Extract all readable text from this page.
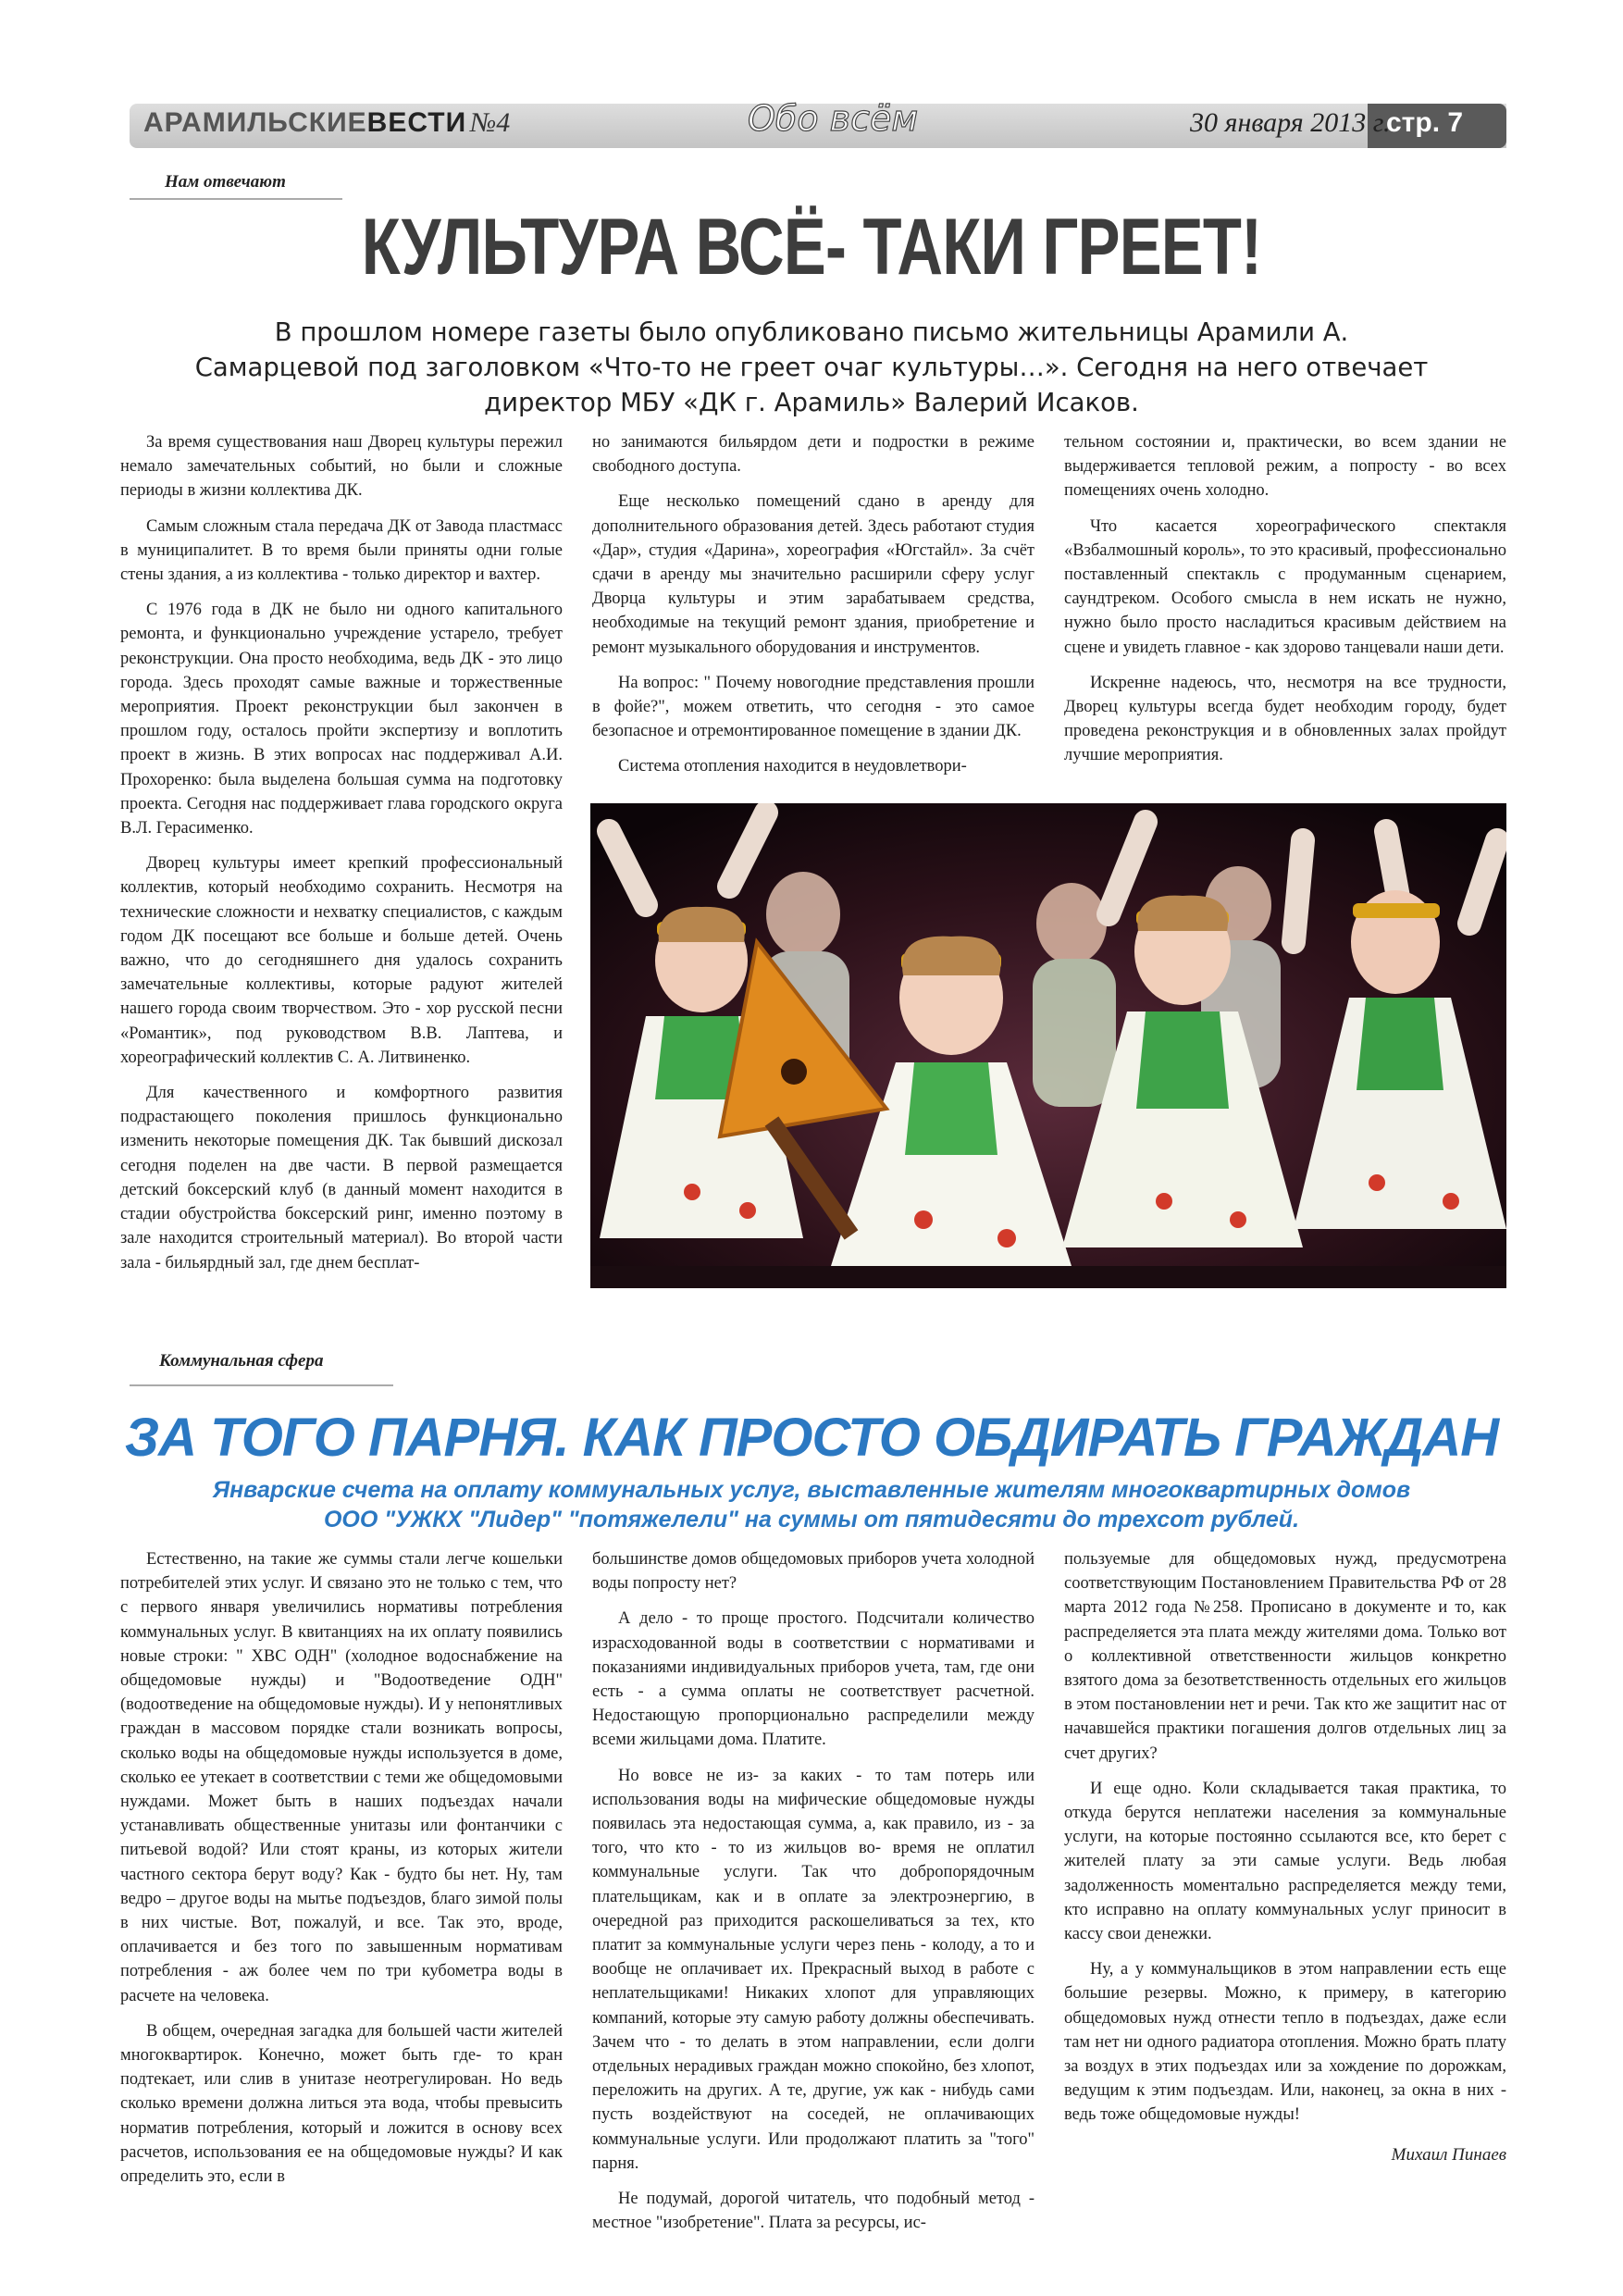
АРАМИЛЬСКИЕВЕСТИ №4	Обо всём	30 января 2013 г.
стр. 7
Нам отвечают
КУЛЬТУРА ВСЁ- ТАКИ ГРЕЕТ!
В прошлом номере газеты было опубликовано письмо жительницы Арамили А. Самарцевой под заголовком «Что-то не греет очаг культуры…». Сегодня на него отвечает директор МБУ «ДК г. Арамиль» Валерий Исаков.

За время существования наш Дворец культуры пережил немало замечательных событий, но были и сложные периоды в жизни коллектива ДК.

Самым сложным стала передача ДК от Завода пластмасс в муниципалитет. В то время были приняты одни голые стены здания, а из коллектива - только директор и вахтер.

С 1976 года в ДК не было ни одного капитального ремонта, и функционально учреждение устарело, требует реконструкции. Она просто необходима, ведь ДК - это лицо города. Здесь проходят самые важные и торжественные мероприятия. Проект реконструкции был закончен в прошлом году, осталось пройти экспертизу и воплотить проект в жизнь. В этих вопросах нас поддерживал А.И. Прохоренко: была выделена большая сумма на подготовку проекта. Сегодня нас поддерживает глава городского округа В.Л. Герасименко.

Дворец культуры имеет крепкий профессиональный коллектив, который необходимо сохранить. Несмотря на технические сложности и нехватку специалистов, с каждым годом ДК посещают все больше и больше детей. Очень важно, что до сегодняшнего дня удалось сохранить замечательные коллективы, которые радуют жителей нашего города своим творчеством. Это - хор русской песни «Романтик», под руководством В.В. Лаптева, и хореографический коллектив С. А. Литвиненко.

Для качественного и комфортного развития подрастающего поколения пришлось функционально изменить некоторые помещения ДК. Так бывший дискозал сегодня поделен на две части. В первой размещается детский боксерский клуб (в данный момент находится в стадии обустройства боксерский ринг, именно поэтому в зале находится строительный материал). Во второй части зала - бильярдный зал, где днем бесплат-

но занимаются бильярдом дети и подростки в режиме свободного доступа.

Еще несколько помещений сдано в аренду для дополнительного образования детей. Здесь работают студия «Дар», студия «Дарина», хореография «Югстайл». За счёт сдачи в аренду мы значительно расширили сферу услуг Дворца культуры и этим зарабатываем средства, необходимые на текущий ремонт здания, приобретение и ремонт музыкального оборудования и инструментов.

На вопрос: " Почему новогодние представления прошли в фойе?", можем ответить, что сегодня - это самое безопасное и отремонтированное помещение в здании ДК.

Система отопления находится в неудовлетвори-

тельном состоянии и, практически, во всем здании не выдерживается тепловой режим, а попросту - во всех помещениях очень холодно.

Что касается хореографического спектакля «Взбалмошный король», то это красивый, профессионально поставленный спектакль с продуманным сценарием, саундтреком. Особого смысла в нем искать не нужно, нужно было просто насладиться красивым действием на сцене и увидеть главное - как здорово танцевали наши дети.

Искренне надеюсь, что, несмотря на все трудности, Дворец культуры всегда будет необходим городу, будет проведена реконструкция и в обновленных залах пройдут лучшие мероприятия.

Коммунальная сфера
ЗА ТОГО ПАРНЯ. КАК ПРОСТО ОБДИРАТЬ ГРАЖДАН
Январские счета на оплату коммунальных услуг, выставленные жителям многоквартирных домов ООО "УЖКХ "Лидер" "потяжелели" на суммы от пятидесяти до трехсот рублей.

Естественно, на такие же суммы стали легче кошельки потребителей этих услуг. И связано это не только с тем, что с первого января увеличились нормативы потребления коммунальных услуг. В квитанциях на их оплату появились новые строки: " ХВС ОДН" (холодное водоснабжение на общедомовые нужды) и "Водоотведение ОДН" (водоотведение на общедомовые нужды). И у непонятливых граждан в массовом порядке стали возникать вопросы, сколько воды на общедомовые нужды используется в доме, сколько ее утекает в соответствии с теми же общедомовыми нуждами. Может быть в наших подъездах начали устанавливать общественные унитазы или фонтанчики с питьевой водой? Или стоят краны, из которых жители частного сектора берут воду? Как - будто бы нет. Ну, там ведро – другое воды на мытье подъездов, благо зимой полы в них чистые. Вот, пожалуй, и все. Так это, вроде, оплачивается и без того по завышенным нормативам потребления - аж более чем по три кубометра воды в расчете на человека.

В общем, очередная загадка для большей части жителей многоквартирок. Конечно, может быть где- то кран подтекает, или слив в унитазе неотрегулирован. Но ведь сколько времени должна литься эта вода, чтобы превысить норматив потребления, который и ложится в основу всех расчетов, использования ее на общедомовые нужды? И как определить это, если в

большинстве домов общедомовых приборов учета холодной воды попросту нет?

А дело - то проще простого. Подсчитали количество израсходованной воды в соответствии с нормативами и показаниями индивидуальных приборов учета, там, где они есть - а сумма оплаты не соответствует расчетной. Недостающую пропорционально распределили между всеми жильцами дома. Платите.

Но вовсе не из- за каких - то там потерь или использования воды на мифические общедомовые нужды появилась эта недостающая сумма, а, как правило, из - за того, что кто - то из жильцов во- время не оплатил коммунальные услуги. Так что добропорядочным плательщикам, как и в оплате за электроэнергию, в очередной раз приходится раскошеливаться за тех, кто платит за коммунальные услуги через пень - колоду, а то и вообще не оплачивает их. Прекрасный выход в работе с неплательщиками! Никаких хлопот для управляющих компаний, которые эту самую работу должны обеспечивать. Зачем что - то делать в этом направлении, если долги отдельных нерадивых граждан можно спокойно, без хлопот, переложить на других. А те, другие, уж как - нибудь сами пусть воздействуют на соседей, не оплачивающих коммунальные услуги. Или продолжают платить за "того" парня.

Не подумай, дорогой читатель, что подобный метод - местное "изобретение". Плата за ресурсы, ис-

пользуемые для общедомовых нужд, предусмотрена соответствующим Постановлением Правительства РФ от 28 марта 2012 года №258. Прописано в документе и то, как распределяется эта плата между жителями дома. Только вот о коллективной ответственности жильцов конкретно взятого дома за безответственность отдельных его жильцов в этом постановлении нет и речи. Так кто же защитит нас от начавшейся практики погашения долгов отдельных лиц за счет других?

И еще одно. Коли складывается такая практика, то откуда берутся неплатежи населения за коммунальные услуги, на которые постоянно ссылаются все, кто берет с жителей плату за эти самые услуги. Ведь любая задолженность моментально распределяется между теми, кто исправно на оплату коммунальных услуг приносит в кассу свои денежки.

Ну, а у коммунальщиков в этом направлении есть еще большие резервы. Можно, к примеру, в категорию общедомовых нужд отнести тепло в подъездах, даже если там нет ни одного радиатора отопления. Можно брать плату за воздух в этих подъездах или за хождение по дорожкам, ведущим к этим подъездам. Или, наконец, за окна в них - ведь тоже общедомовые нужды!

Михаил Пинаев
